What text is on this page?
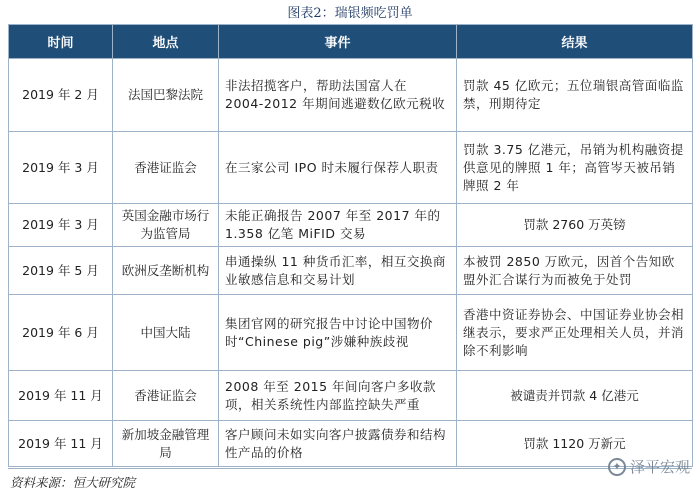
图表2：瑞银频吃罚单
时间	地点	事件	结果
2019 年 2 月	法国巴黎法院	非法招揽客户，帮助法国富人在 2004-2012 年期间逃避数亿欧元税收	罚款 45 亿欧元；五位瑞银高管面临监禁，刑期待定
2019 年 3 月	香港证监会	在三家公司 IPO 时未履行保荐人职责	罚款 3.75 亿港元，吊销为机构融资提供意见的牌照 1 年；高管岑天被吊销牌照 2 年
2019 年 3 月	英国金融市场行为监管局	未能正确报告 2007 年至 2017 年的 1.358 亿笔 MiFID 交易	罚款 2760 万英镑
2019 年 5 月	欧洲反垄断机构	串通操纵 11 种货币汇率，相互交换商业敏感信息和交易计划	本被罚 2850 万欧元，因首个告知欧盟外汇合谋行为而被免于处罚
2019 年 6 月	中国大陆	集团官网的研究报告中讨论中国物价时“Chinese pig”涉嫌种族歧视	香港中资证券协会、中国证券业协会相继表示，要求严正处理相关人员，并消除不利影响
2019 年 11 月	香港证监会	2008 年至 2015 年间向客户多收款项，相关系统性内部监控缺失严重	被谴责并罚款 4 亿港元
2019 年 11 月	新加坡金融管理局	客户顾问未如实向客户披露债券和结构性产品的价格	罚款 1120 万新元
资料来源：恒大研究院
✦ 泽平宏观
